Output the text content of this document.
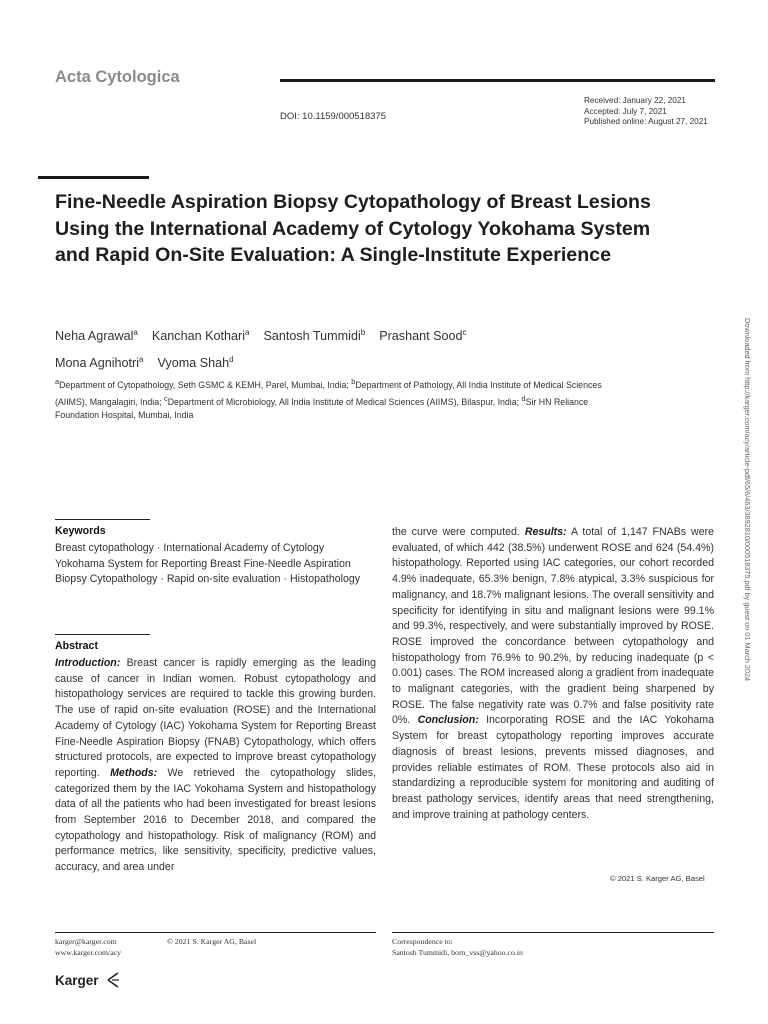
Acta Cytologica
DOI: 10.1159/000518375
Received: January 22, 2021
Accepted: July 7, 2021
Published online: August 27, 2021
Fine-Needle Aspiration Biopsy Cytopathology of Breast Lesions Using the International Academy of Cytology Yokohama System and Rapid On-Site Evaluation: A Single-Institute Experience
Neha Agrawal$^a$ Kanchan Kothari$^a$ Santosh Tummidi$^b$ Prashant Sood$^c$
Mona Agnihotri$^a$ Vyoma Shah$^d$
$^a$Department of Cytopathology, Seth GSMC & KEMH, Parel, Mumbai, India; $^b$Department of Pathology, All India Institute of Medical Sciences (AIIMS), Mangalagiri, India; $^c$Department of Microbiology, All India Institute of Medical Sciences (AIIMS), Bilaspur, India; $^d$Sir HN Reliance Foundation Hospital, Mumbai, India	Downloaded from http://karger.com/acy/article-pdf/65/6/463/3892810/000518375.pdf by guest on 01 March 2024
Keywords
Breast cytopathology · International Academy of Cytology Yokohama System for Reporting Breast Fine-Needle Aspiration Biopsy Cytopathology · Rapid on-site evaluation · Histopathology
Abstract
Introduction: Breast cancer is rapidly emerging as the leading cause of cancer in Indian women. Robust cytopathology and histopathology services are required to tackle this growing burden. The use of rapid on-site evaluation (ROSE) and the International Academy of Cytology (IAC) Yokohama System for Reporting Breast Fine-Needle Aspiration Biopsy (FNAB) Cytopathology, which offers structured protocols, are expected to improve breast cytopathology reporting. Methods: We retrieved the cytopathology slides, categorized them by the IAC Yokohama System and histopathology data of all the patients who had been investigated for breast lesions from September 2016 to December 2018, and compared the cytopathology and histopathology. Risk of malignancy (ROM) and performance metrics, like sensitivity, specificity, predictive values, accuracy, and area under
the curve were computed. Results: A total of 1,147 FNABs were evaluated, of which 442 (38.5%) underwent ROSE and 624 (54.4%) histopathology. Reported using IAC categories, our cohort recorded 4.9% inadequate, 65.3% benign, 7.8% atypical, 3.3% suspicious for malignancy, and 18.7% malignant lesions. The overall sensitivity and specificity for identifying in situ and malignant lesions were 99.1% and 99.3%, respectively, and were substantially improved by ROSE. ROSE improved the concordance between cytopathology and histopathology from 76.9% to 90.2%, by reducing inadequate (p < 0.001) cases. The ROM increased along a gradient from inadequate to malignant categories, with the gradient being sharpened by ROSE. The false negativity rate was 0.7% and false positivity rate 0%. Conclusion: Incorporating ROSE and the IAC Yokohama System for breast cytopathology reporting improves accurate diagnosis of breast lesions, prevents missed diagnoses, and provides reliable estimates of ROM. These protocols also aid in standardizing a reproducible system for monitoring and auditing of breast pathology services, identify areas that need strengthening, and improve training at pathology centers.
© 2021 S. Karger AG, Basel
karger@karger.com
www.karger.com/acy
© 2021 S. Karger AG, Basel	Correspondence to:
Santosh Tummidi, born_vss@yahoo.co.in
Karger
